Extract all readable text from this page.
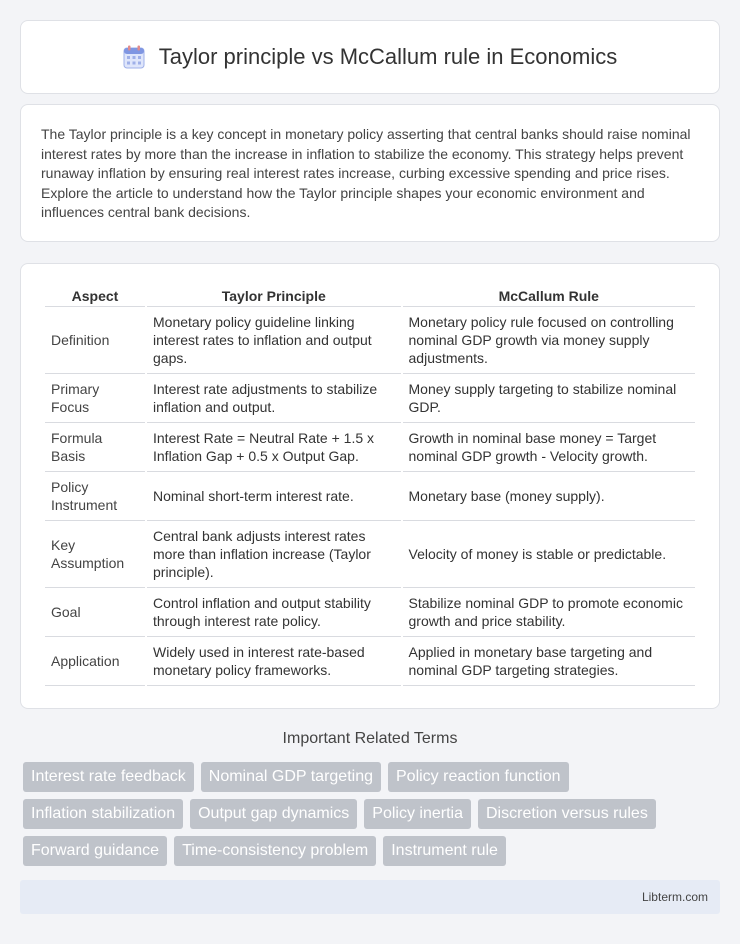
Taylor principle vs McCallum rule in Economics

The Taylor principle is a key concept in monetary policy asserting that central banks should raise nominal interest rates by more than the increase in inflation to stabilize the economy. This strategy helps prevent runaway inflation by ensuring real interest rates increase, curbing excessive spending and price rises. Explore the article to understand how the Taylor principle shapes your economic environment and influences central bank decisions.

Aspect	Taylor Principle	McCallum Rule
Definition	Monetary policy guideline linking interest rates to inflation and output gaps.	Monetary policy rule focused on controlling nominal GDP growth via money supply adjustments.
Primary Focus	Interest rate adjustments to stabilize inflation and output.	Money supply targeting to stabilize nominal GDP.
Formula Basis	Interest Rate = Neutral Rate + 1.5 x Inflation Gap + 0.5 x Output Gap.	Growth in nominal base money = Target nominal GDP growth - Velocity growth.
Policy Instrument	Nominal short-term interest rate.	Monetary base (money supply).
Key Assumption	Central bank adjusts interest rates more than inflation increase (Taylor principle).	Velocity of money is stable or predictable.
Goal	Control inflation and output stability through interest rate policy.	Stabilize nominal GDP to promote economic growth and price stability.
Application	Widely used in interest rate-based monetary policy frameworks.	Applied in monetary base targeting and nominal GDP targeting strategies.
Important Related Terms
Interest rate feedback	Nominal GDP targeting	Policy reaction function
Inflation stabilization	Output gap dynamics	Policy inertia	Discretion versus rules
Forward guidance	Time-consistency problem	Instrument rule
Libterm.com
